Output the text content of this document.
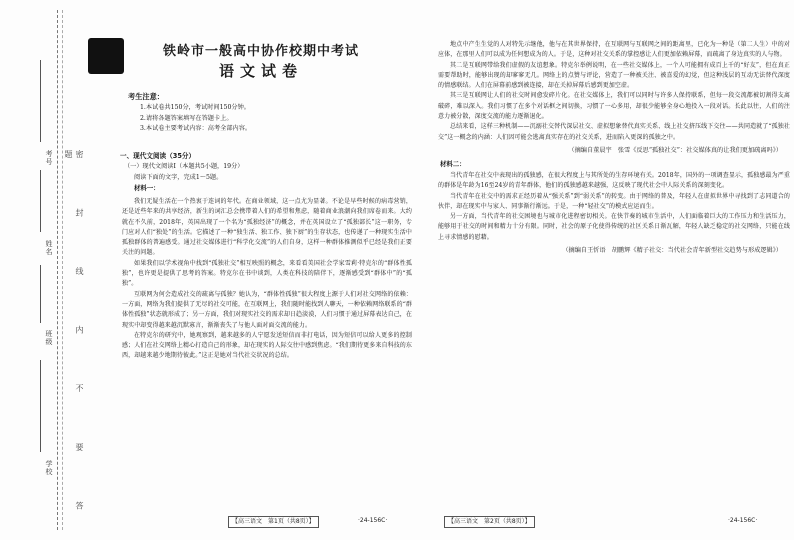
考号
姓名
班级
学校	密 封 线 内 不 要 答 题
铁岭市一般高中协作校期中考试
语文试卷
考生注意：
1.本试卷共150分，考试时间150分钟。
2.请将各题答案填写在答题卡上。
3.本试卷主要考试内容：高考全部内容。
一、现代文阅读（35分）
（一）现代文阅读Ⅰ（本题共5小题，19分）
阅读下面的文字，完成1～5题。
材料一：

我们无疑生活在一个热衷于连词的年代。在商业领域，这一点尤为显著。不论是早些时候的病毒营销，还是近些年来的共享经济，新生的词汇总会携带着人们的希望和焦虑，随着商业浪潮向我们席卷而来。大约就在不久前，2018年，英国出现了一个名为“孤独经济”的概念，并在英国设立了“孤独部长”这一职务，专门应对人们“独处”的生活。它描述了一种“独生活、独工作、独下厨”的生存状态，也传递了一种现实生活中孤独群体的普遍感受。通过社交媒体进行“科学化交流”的人们自身，这样一种群体推测似乎已经是我们正要关注的问题。

如果我们以学术视角中找到“孤独社交”相互映照的概念，来看看美国社会学家雪莉·特克尔的“群体性孤独”，也许更是提供了思考的答案。特克尔在书中谈到，人类在科技的陪伴下，逐渐感受到“群体中”的“孤独”。

互联网为何会造成社交的疏离与孤独？她认为，“群体性孤独”很大程度上源于人们对社交网络的依赖：一方面，网络为我们提供了无尽的社交可能，在互联网上，我们随时能找到人聊天，一种依赖网络联系的“群体性孤独”状态就形成了；另一方面，我们对现实社交的需求却日趋淡漠，人们习惯于通过屏幕表达自己，在现实中却变得越来越沉默寡言，渐渐丧失了与他人面对面交流的能力。

在特克尔的研究中，她观察到，越来越多的人宁愿发送短信而非打电话，因为短信可以给人更多的控制感；人们在社交网络上精心打造自己的形象，却在现实的人际交往中感到焦虑。“我们期待更多来自科技的东西，却越来越少地期待彼此。”这正是她对当代社交状况的总结。

地点中产生生觉的人对特先示继他，他与在其世界保持，在互联网与互联网之间的距离里，已化为一种是（第二人生）中的对应体，在那里人们可以成为任何想成为的人。于是，这种对社交关系的掌控感让人们更加依赖屏幕，而疏离了身边真实的人与物。

其二是互联网带给我们虚假的友谊想象。特克尔举例说明，在一些社交媒体上，一个人可能拥有成百上千的“好友”，但在真正需要帮助时，能够出现的却寥寥无几。网络上的点赞与评论，营造了一种被关注、被喜爱的幻觉，但这种浅层的互动无法替代深度的情感联结。人们在屏幕前感到被连接，却在关掉屏幕后感到更加空虚。

其三是互联网让人们的社交时间愈发碎片化。在社交媒体上，我们可以同时与许多人保持联系，但每一段交流都被切割得支离破碎，难以深入。我们习惯了在多个对话框之间切换，习惯了一心多用，却很少能够全身心地投入一段对话。长此以往，人们的注意力被分散，深度交流的能力逐渐退化。

总结来看，这样三种机制——沉溺社交替代深层社交、虚拟想象替代真实关系、线上社交挤压线下交往——共同造就了“孤独社交”这一概念的内涵：人们因可能会逃离真实存在的社交关系，进而陷入更深的孤独之中。

（摘编自董晨宇　张雪《反思“孤独社交”：社交媒体真的让我们更加疏离吗》）

材料二：

当代青年在社交中表现出的孤独感，在很大程度上与其所处的生存环境有关。2018年，国外的一项调查显示，孤独感最为严重的群体是年龄为16至24岁的青年群体，他们的孤独感越来越强，这反映了现代社会中人际关系的深刻变化。

当代青年在社交中的需求正经历着从“强关系”到“弱关系”的转变。由于网络的普及，年轻人在虚拟世界中寻找到了志同道合的伙伴，却在现实中与家人、同事渐行渐远。于是，一种“轻社交”的模式应运而生。

另一方面，当代青年的社交困境也与城市化进程密切相关。在快节奏的城市生活中，人们面临着巨大的工作压力和生活压力，能够用于社交的时间和精力十分有限。同时，社会的原子化使得传统的社区关系日渐瓦解，年轻人缺乏稳定的社交网络，只能在线上寻求情感的慰藉。

（摘编自王忻语　胡鹏辉《精子社交：当代社会青年新型社交趋势与形成逻辑》）

【高三语文　第1页（共8页）】	·24-156C·	【高三语文　第2页（共8页）】	·24-156C·
